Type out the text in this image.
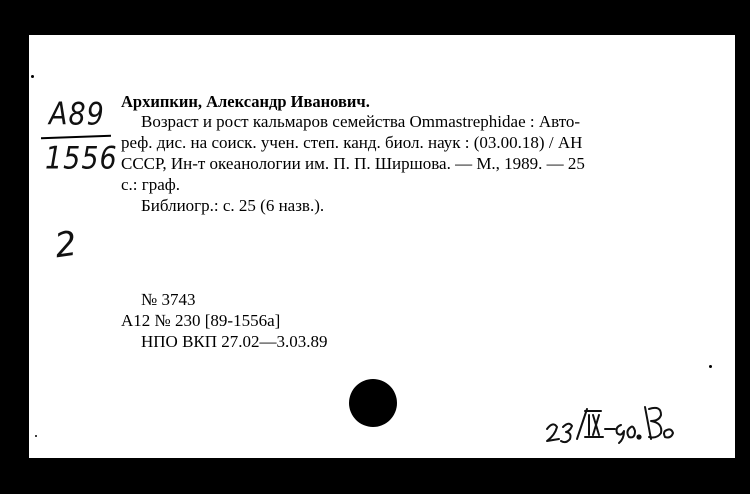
А89
1556
2
Архипкин, Александр Иванович.
Возраст и рост кальмаров семейства Ommastrephidae : Авто-
реф. дис. на соиск. учен. степ. канд. биол. наук : (03.00.18) / АН
СССР, Ин-т океанологии им. П. П. Ширшова. — М., 1989. — 25
с.: граф.
Библиогр.: с. 25 (6 назв.).
№ 3743
А12 № 230 [89-1556а]
НПО ВКП 27.02—3.03.89
